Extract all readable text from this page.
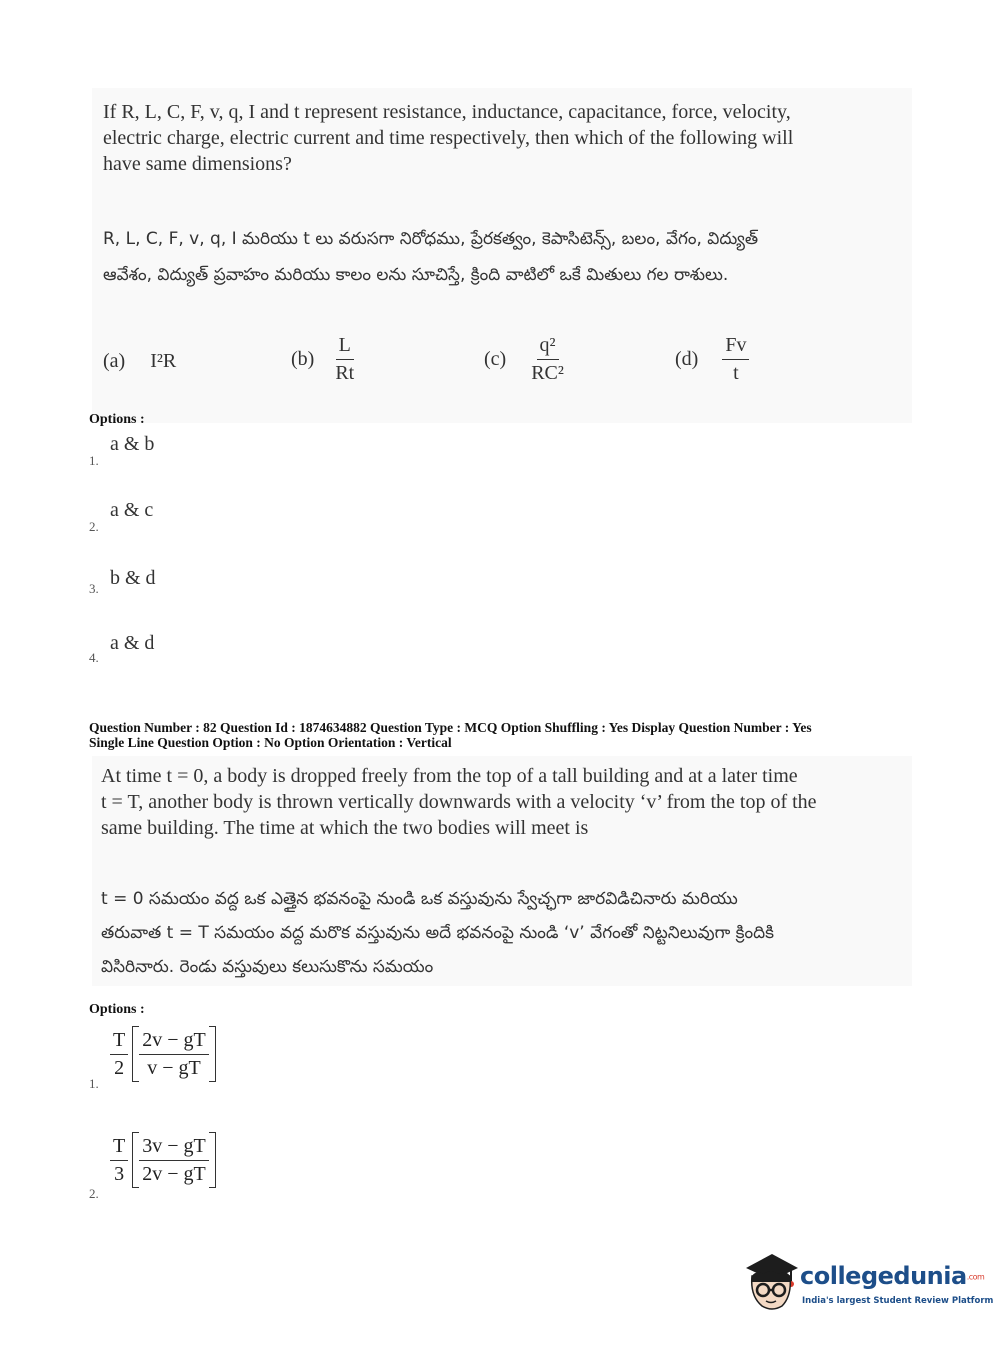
If R, L, C, F, v, q, I and t represent resistance, inductance, capacitance, force, velocity,
electric charge, electric current and time respectively, then which of the following will
have same dimensions?
R, L, C, F, v, q, I మరియు t లు వరుసగా నిరోధము, ప్రేరకత్వం, కెపాసిటెన్స్, బలం, వేగం, విద్యుత్
ఆవేశం, విద్యుత్ ప్రవాహం మరియు కాలం లను సూచిస్తే, క్రింది వాటిలో ఒకే మితులు గల రాశులు.
(a) I²R	$(b) \frac{L}{Rt}$	$(c) \frac{\text{q²}}{\text{RC²}}$	$(d) \frac{Fv}{t}$
Options :
a & b
1.
a & c
2.
b & d
3.
a & d
4.
Question Number : 82 Question Id : 1874634882 Question Type : MCQ Option Shuffling : Yes Display Question Number : Yes
Single Line Question Option : No Option Orientation : Vertical
At time t = 0, a body is dropped freely from the top of a tall building and at a later time
t = T, another body is thrown vertically downwards with a velocity ‘v’ from the top of the
same building. The time at which the two bodies will meet is
t = 0 సమయం వద్ద ఒక ఎత్తైన భవనంపై నుండి ఒక వస్తువును స్వేచ్ఛగా జారవిడిచినారు మరియు
తరువాత t = T సమయం వద్ద మరొక వస్తువును అదే భవనంపై నుండి ‘v’ వేగంతో నిట్టనిలువుగా క్రిందికి
విసిరినారు. రెండు వస్తువులు కలుసుకొను సమయం
Options :
$\frac{T}{2} \frac{2v - gT}{v - gT}$
1.
$\frac{T}{3} \frac{3v - gT}{2v - gT}$
2.
collegedunia.com
India's largest Student Review Platform
